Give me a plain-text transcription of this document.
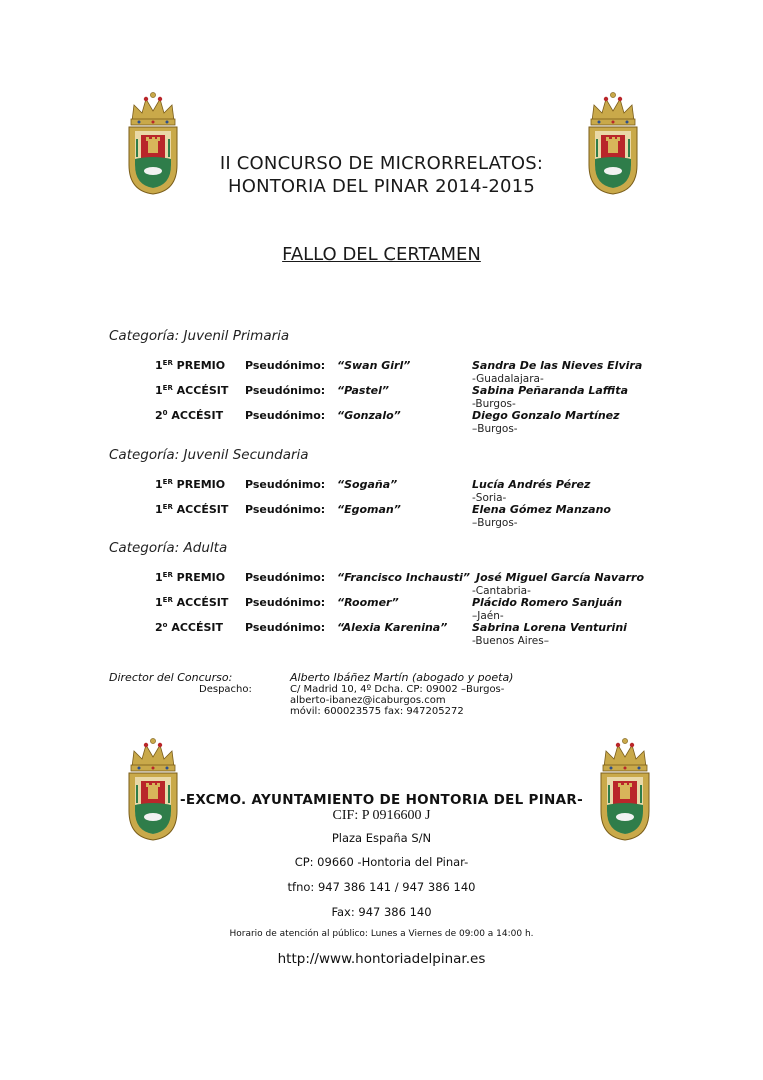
II CONCURSO DE MICRORRELATOS:
HONTORIA DEL PINAR 2014-2015
FALLO DEL CERTAMEN
Categoría: Juvenil Primaria
1ER PREMIO Pseudónimo: “Swan Girl”	Sandra De las Nieves Elvira
-Guadalajara-
1ER ACCÉSIT Pseudónimo: “Pastel”	Sabina Peñaranda Laffita
-Burgos-
$2^0$ ACCÉSIT Pseudónimo: “Gonzalo”	Diego Gonzalo Martínez
–Burgos-
Categoría: Juvenil Secundaria
1ER PREMIO Pseudónimo: “Sogaña”	Lucía Andrés Pérez
-Soria-
1ER ACCÉSIT Pseudónimo: “Egoman”	Elena Gómez Manzano
–Burgos-
Categoría: Adulta
1ER PREMIO Pseudónimo: “Francisco Inchausti” José Miguel García Navarro
-Cantabria-
1ER ACCÉSIT Pseudónimo: “Roomer”	Plácido Romero Sanjuán
–Jaén-
2$^o$ ACCÉSIT Pseudónimo: “Alexia Karenina” Sabrina Lorena Venturini
-Buenos Aires–
Director del Concurso:	Alberto Ibáñez Martín (abogado y poeta)
Despacho:	C/ Madrid 10, 4º Dcha. CP: 09002 –Burgos-
alberto-ibanez@icaburgos.com
móvil: 600023575 fax: 947205272
-EXCMO. AYUNTAMIENTO DE HONTORIA DEL PINAR-
CIF: P 0916600 J
Plaza España S/N
CP: 09660 -Hontoria del Pinar-
tfno: 947 386 141 / 947 386 140
Fax: 947 386 140
Horario de atención al público: Lunes a Viernes de 09:00 a 14:00 h.
http://www.hontoriadelpinar.es
